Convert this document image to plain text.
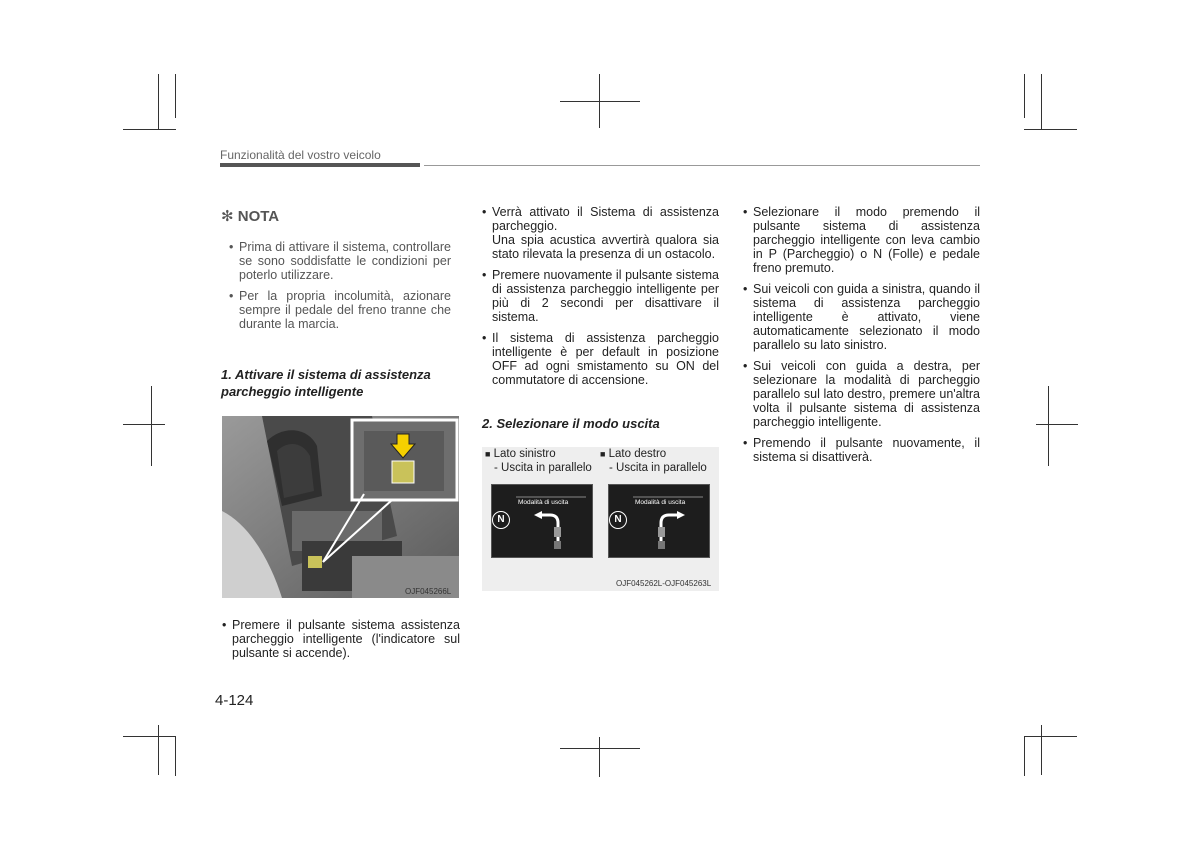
Funzionalità del vostro veicolo
✻ NOTA
• Prima di attivare il sistema, controllare se sono soddisfatte le condizioni per poterlo utilizzare.
• Per la propria incolumità, azionare sempre il pedale del freno tranne che durante la marcia.
1. Attivare il sistema di assistenza parcheggio intelligente
OJF045266L
• Premere il pulsante sistema assistenza parcheggio intelligente (l'indicatore sul pulsante si accende).
4-124
• Verrà attivato il Sistema di assistenza parcheggio.
Una spia acustica avvertirà qualora sia stato rilevata la presenza di un ostacolo.
• Premere nuovamente il pulsante sistema di assistenza parcheggio intelligente per più di 2 secondi per disattivare il sistema.
• Il sistema di assistenza parcheggio intelligente è per default in posizione OFF ad ogni smistamento su ON del commutatore di accensione.
2. Selezionare il modo uscita
■ Lato sinistro
- Uscita in parallelo
■ Lato destro
- Uscita in parallelo
N
Modalità di uscita
N
Modalità di uscita
OJF045262L-OJF045263L
• Selezionare il modo premendo il pulsante sistema di assistenza parcheggio intelligente con leva cambio in P (Parcheggio) o N (Folle) e pedale freno premuto.
• Sui veicoli con guida a sinistra, quando il sistema di assistenza parcheggio intelligente è attivato, viene automaticamente selezionato il modo parallelo su lato sinistro.
• Sui veicoli con guida a destra, per selezionare la modalità di parcheggio parallelo sul lato destro, premere un'altra volta il pulsante sistema di assistenza parcheggio intelligente.
• Premendo il pulsante nuovamente, il sistema si disattiverà.
